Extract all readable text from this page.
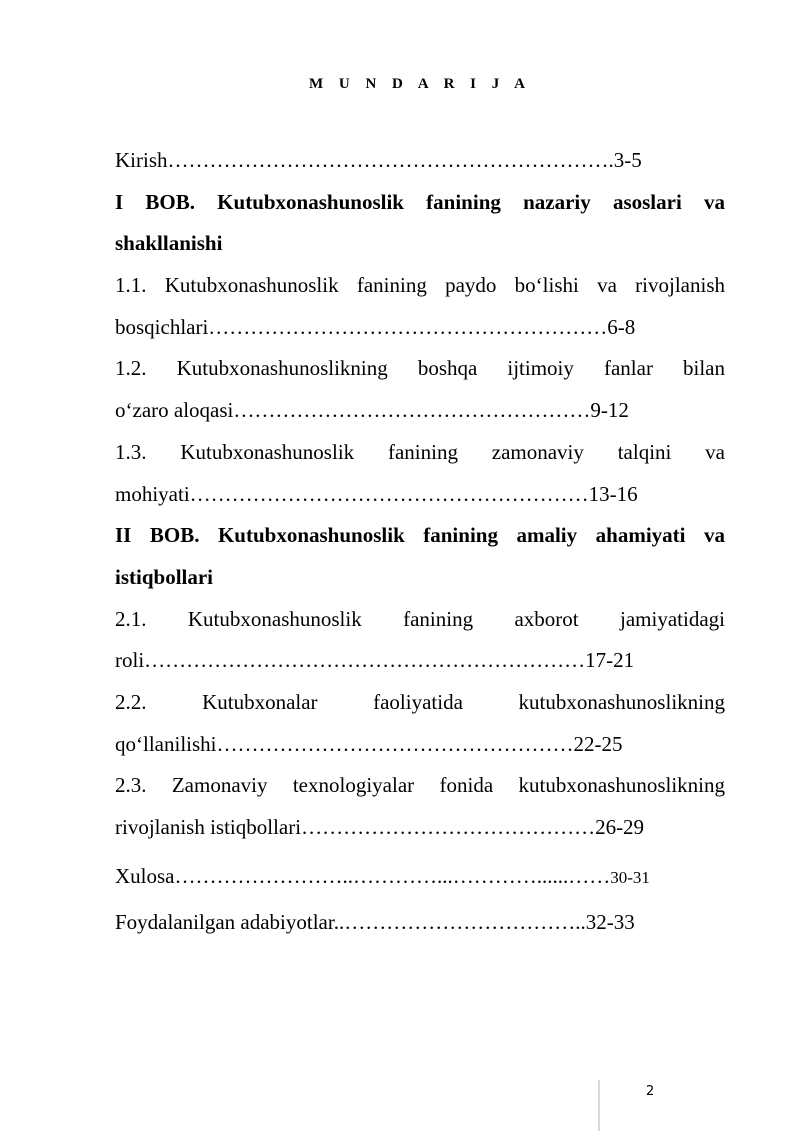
M U N D A R I J A
Kirish……………………………………………………….3-5
I BOB. Kutubxonashunoslik fanining nazariy asoslari va
shakllanishi
1.1. Kutubxonashunoslik fanining paydo bo‘lishi va rivojlanish
bosqichlari…………………………………………………6-8
1.2. Kutubxonashunoslikning boshqa ijtimoiy fanlar bilan
o‘zaro aloqasi……………………………………………9-12
1.3. Kutubxonashunoslik fanining zamonaviy talqini va
mohiyati…………………………………………………13-16
II BOB. Kutubxonashunoslik fanining amaliy ahamiyati va
istiqbollari
2.1. Kutubxonashunoslik fanining axborot jamiyatidagi
roli………………………………………………………17-21
2.2. Kutubxonalar faoliyatida kutubxonashunoslikning
qo‘llanilishi……………………………………………22-25
2.3. Zamonaviy texnologiyalar fonida kutubxonashunoslikning
rivojlanish istiqbollari……………………………………26-29
Xulosa……………………..…………...…………......……30-31
Foydalanilgan adabiyotlar..……………………………..32-33
2
